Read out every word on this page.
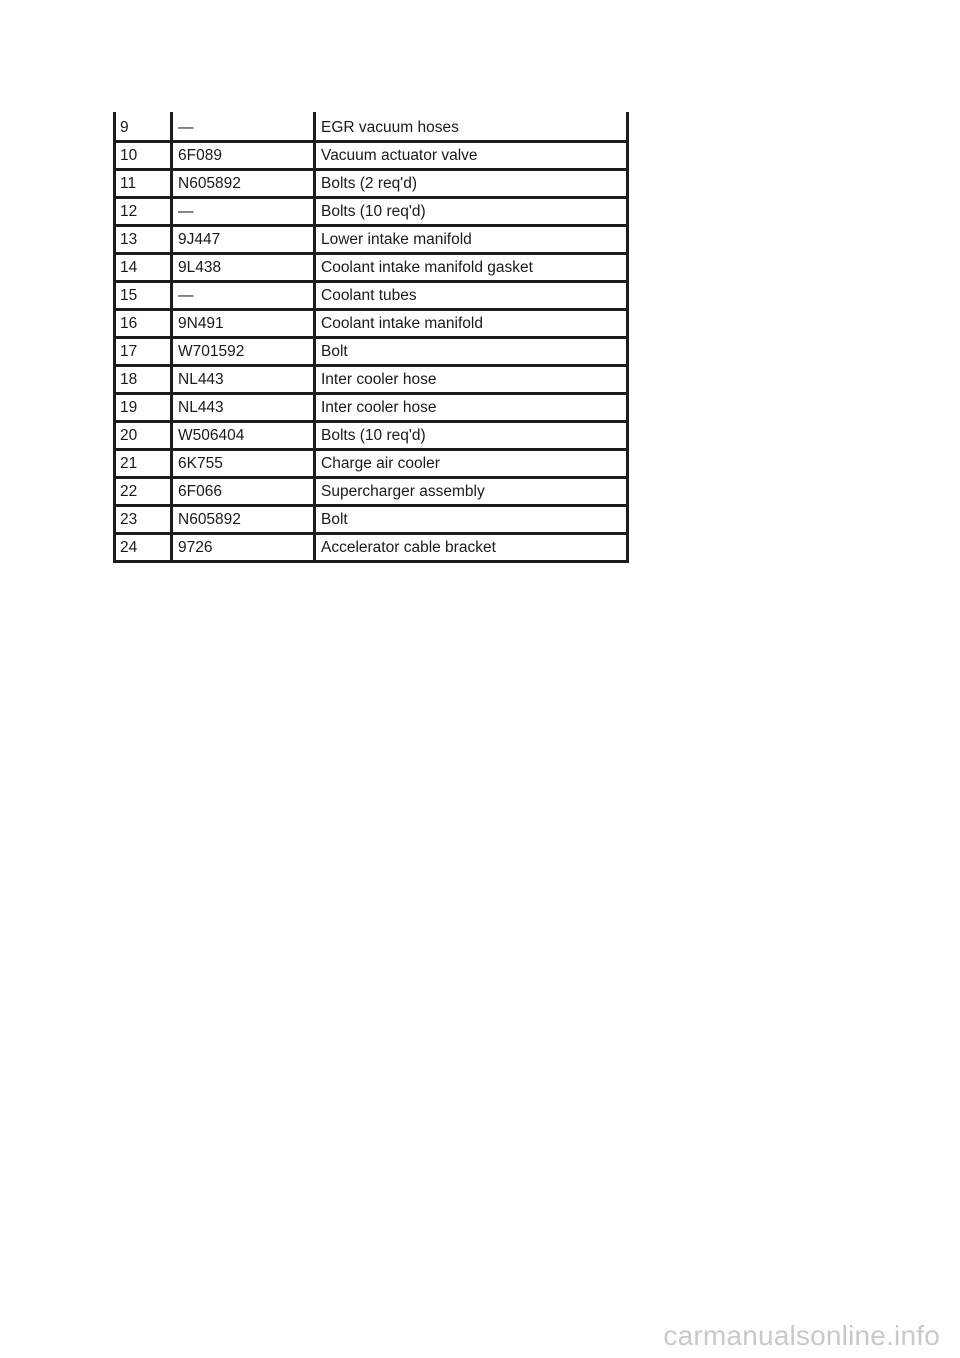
9	—	EGR vacuum hoses
10	6F089	Vacuum actuator valve
11	N605892	Bolts (2 req'd)
12	—	Bolts (10 req'd)
13	9J447	Lower intake manifold
14	9L438	Coolant intake manifold gasket
15	—	Coolant tubes
16	9N491	Coolant intake manifold
17	W701592	Bolt
18	NL443	Inter cooler hose
19	NL443	Inter cooler hose
20	W506404	Bolts (10 req'd)
21	6K755	Charge air cooler
22	6F066	Supercharger assembly
23	N605892	Bolt
24	9726	Accelerator cable bracket
carmanualsonline.info
